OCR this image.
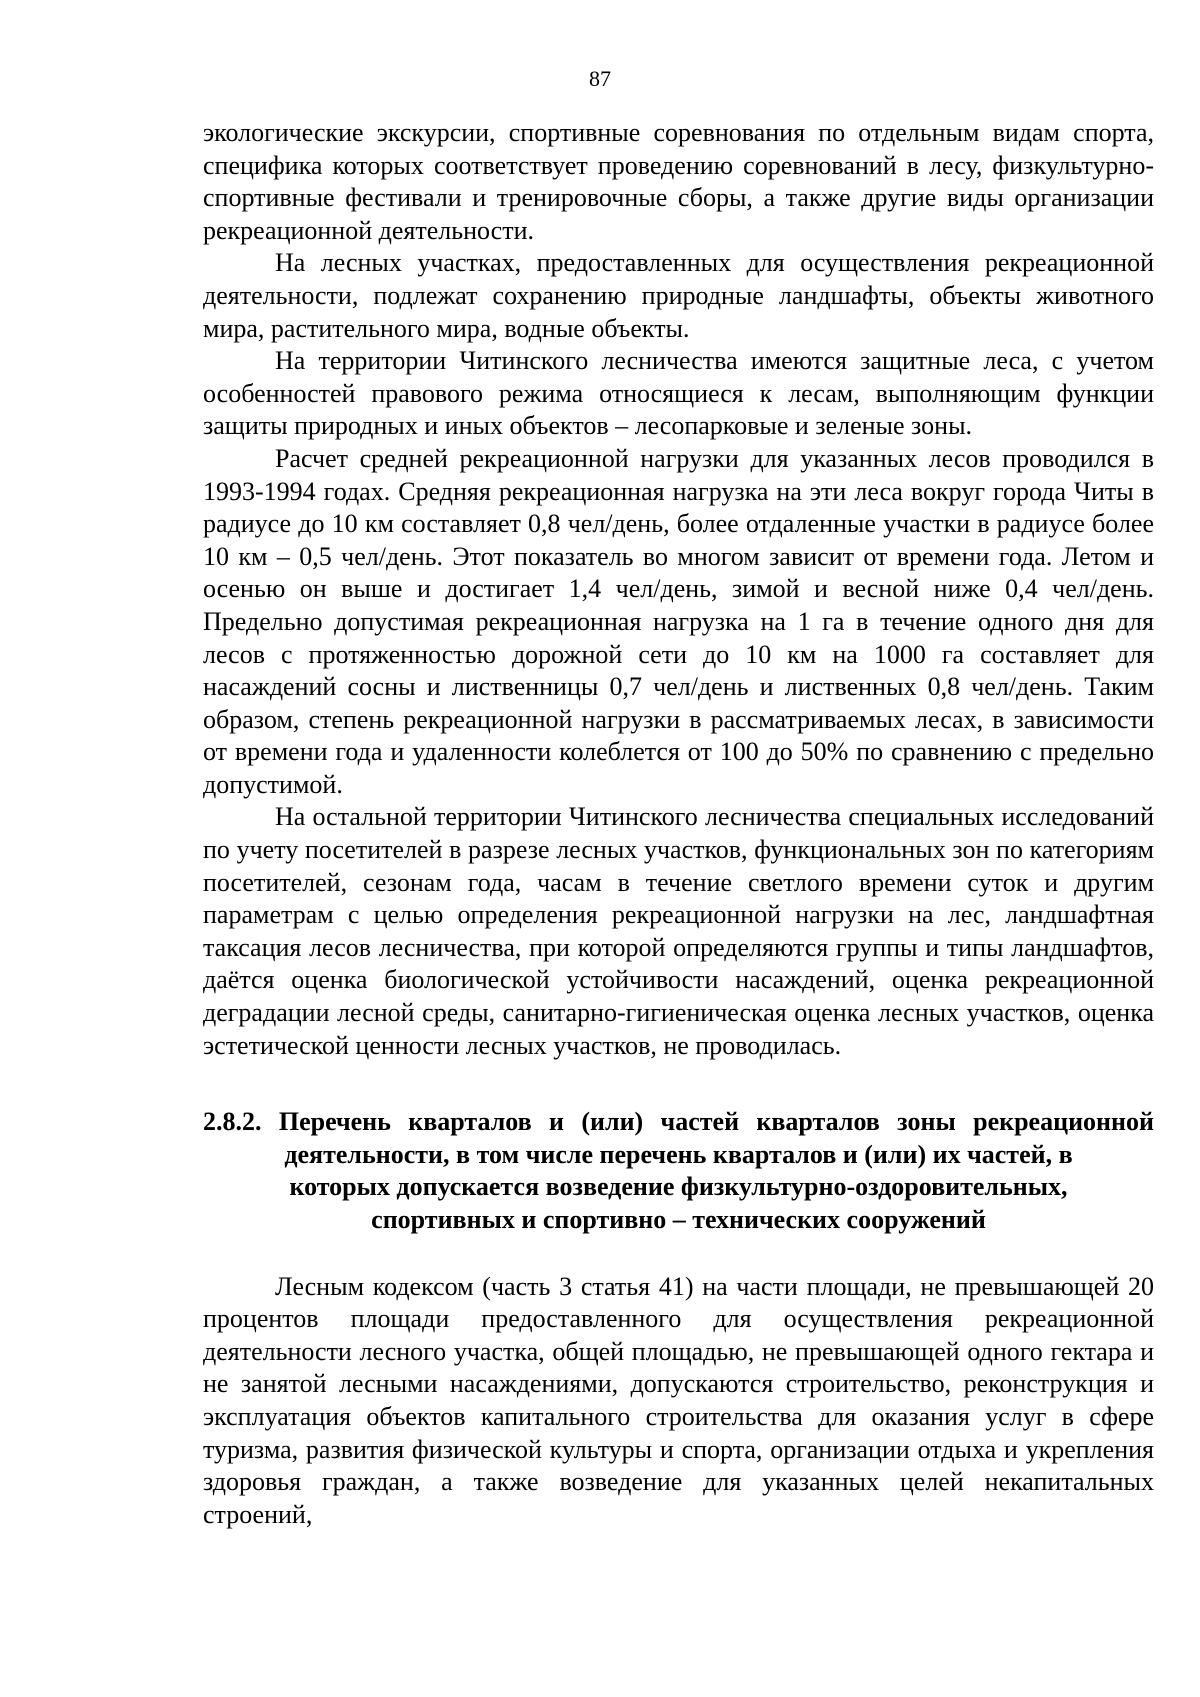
87

экологические экскурсии, спортивные соревнования по отдельным видам спорта, специфика которых соответствует проведению соревнований в лесу, физкультурно-спортивные фестивали и тренировочные сборы, а также другие виды организации рекреационной деятельности.

На лесных участках, предоставленных для осуществления рекреационной деятельности, подлежат сохранению природные ландшафты, объекты животного мира, растительного мира, водные объекты.

На территории Читинского лесничества имеются защитные леса, с учетом особенностей правового режима относящиеся к лесам, выполняющим функции защиты природных и иных объектов – лесопарковые и зеленые зоны.

Расчет средней рекреационной нагрузки для указанных лесов проводился в 1993-1994 годах. Средняя рекреационная нагрузка на эти леса вокруг города Читы в радиусе до 10 км составляет 0,8 чел/день, более отдаленные участки в радиусе более 10 км – 0,5 чел/день. Этот показатель во многом зависит от времени года. Летом и осенью он выше и достигает 1,4 чел/день, зимой и весной ниже 0,4 чел/день. Предельно допустимая рекреационная нагрузка на 1 га в течение одного дня для лесов с протяженностью дорожной сети до 10 км на 1000 га составляет для насаждений сосны и лиственницы 0,7 чел/день и лиственных 0,8 чел/день. Таким образом, степень рекреационной нагрузки в рассматриваемых лесах, в зависимости от времени года и удаленности колеблется от 100 до 50% по сравнению с предельно допустимой.

На остальной территории Читинского лесничества специальных исследований по учету посетителей в разрезе лесных участков, функциональных зон по категориям посетителей, сезонам года, часам в течение светлого времени суток и другим параметрам с целью определения рекреационной нагрузки на лес, ландшафтная таксация лесов лесничества, при которой определяются группы и типы ландшафтов, даётся оценка биологической устойчивости насаждений, оценка рекреационной деградации лесной среды, санитарно-гигиеническая оценка лесных участков, оценка эстетической ценности лесных участков, не проводилась.

2.8.2. Перечень кварталов и (или) частей кварталов зоны рекреационной
деятельности, в том числе перечень кварталов и (или) их частей, в
которых допускается возведение физкультурно-оздоровительных,
спортивных и спортивно – технических сооружений

Лесным кодексом (часть 3 статья 41) на части площади, не превышающей 20 процентов площади предоставленного для осуществления рекреационной деятельности лесного участка, общей площадью, не превышающей одного гектара и не занятой лесными насаждениями, допускаются строительство, реконструкция и эксплуатация объектов капитального строительства для оказания услуг в сфере туризма, развития физической культуры и спорта, организации отдыха и укрепления здоровья граждан, а также возведение для указанных целей некапитальных строений,
